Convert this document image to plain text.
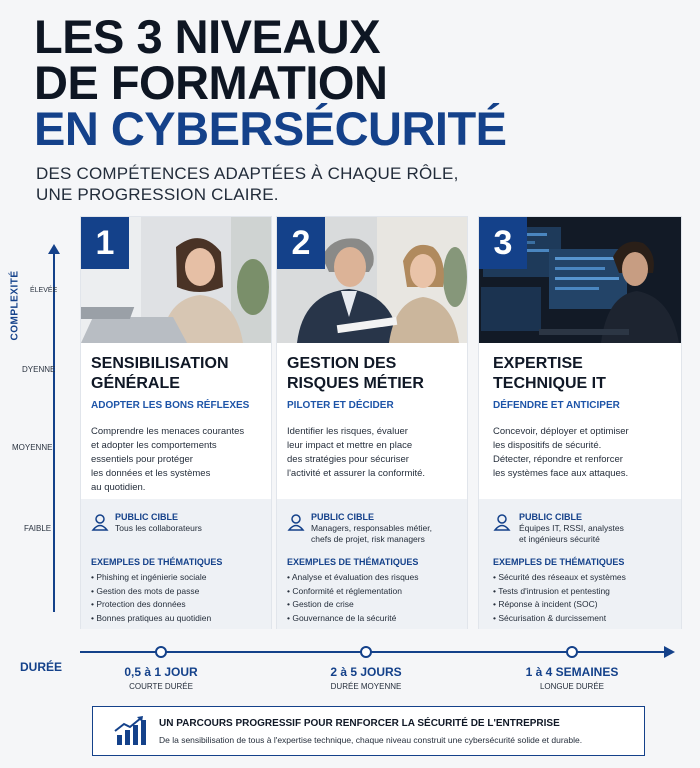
LES 3 NIVEAUX
DE FORMATION
EN CYBERSÉCURITÉ
DES COMPÉTENCES ADAPTÉES À CHAQUE RÔLE,
UNE PROGRESSION CLAIRE.
COMPLEXITÉ ÉLEVÉE
DYENNE
MOYENNE
FAIBLE
1
SENSIBILISATION
GÉNÉRALE
ADOPTER LES BONS RÉFLEXES
Comprendre les menaces courantes
et adopter les comportements
essentiels pour protéger
les données et les systèmes
au quotidien.
PUBLIC CIBLE
Tous les collaborateurs
EXEMPLES DE THÉMATIQUES
• Phishing et ingénierie sociale
• Gestion des mots de passe
• Protection des données
• Bonnes pratiques au quotidien
2
GESTION DES
RISQUES MÉTIER
PILOTER ET DÉCIDER
Identifier les risques, évaluer
leur impact et mettre en place
des stratégies pour sécuriser
l'activité et assurer la conformité.
PUBLIC CIBLE
Managers, responsables métier,
chefs de projet, risk managers
EXEMPLES DE THÉMATIQUES
• Analyse et évaluation des risques
• Conformité et réglementation
• Gestion de crise
• Gouvernance de la sécurité
3
EXPERTISE
TECHNIQUE IT
DÉFENDRE ET ANTICIPER
Concevoir, déployer et optimiser
les dispositifs de sécurité.
Détecter, répondre et renforcer
les systèmes face aux attaques.
PUBLIC CIBLE
Équipes IT, RSSI, analystes
et ingénieurs sécurité
EXEMPLES DE THÉMATIQUES
• Sécurité des réseaux et systèmes
• Tests d'intrusion et pentesting
• Réponse à incident (SOC)
• Sécurisation & durcissement
DURÉE	0,5 à 1 JOUR
COURTE DURÉE
2 à 5 JOURS
DURÉE MOYENNE
1 à 4 SEMAINES
LONGUE DURÉE
UN PARCOURS PROGRESSIF POUR RENFORCER LA SÉCURITÉ DE L'ENTREPRISE
De la sensibilisation de tous à l'expertise technique, chaque niveau construit une cybersécurité solide et durable.
